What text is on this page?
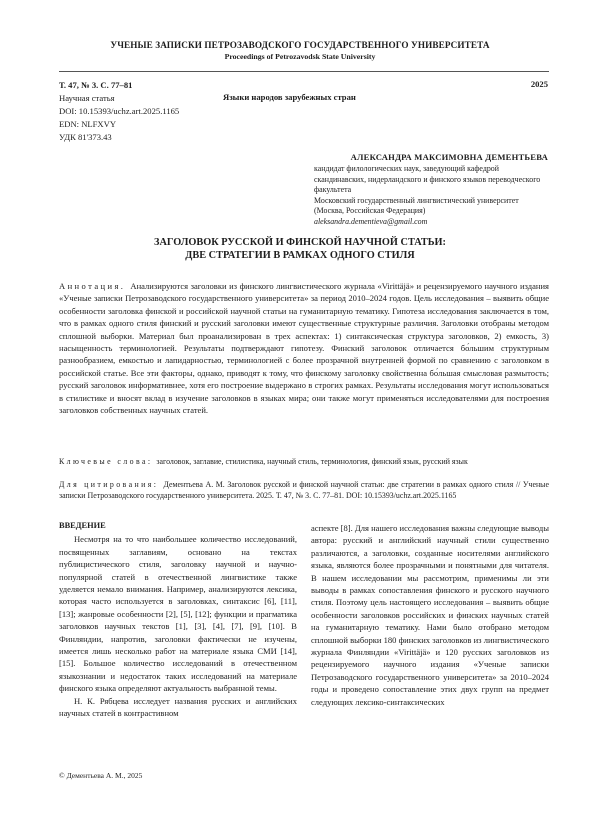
УЧЕНЫЕ ЗАПИСКИ ПЕТРОЗАВОДСКОГО ГОСУДАРСТВЕННОГО УНИВЕРСИТЕТА
Proceedings of Petrozavodsk State University
Т. 47, № 3. С. 77–81
Научная статья
DOI: 10.15393/uchz.art.2025.1165
EDN: NLFXVY
УДК 81'373.43
2025
Языки народов зарубежных стран
АЛЕКСАНДРА МАКСИМОВНА ДЕМЕНТЬЕВА
кандидат филологических наук, заведующий кафедрой скандинавских, нидерландского и финского языков переводческого факультета
Московский государственный лингвистический университет
(Москва, Российская Федерация)
aleksandra.dementieva@gmail.com
ЗАГОЛОВОК РУССКОЙ И ФИНСКОЙ НАУЧНОЙ СТАТЬИ:
ДВЕ СТРАТЕГИИ В РАМКАХ ОДНОГО СТИЛЯ
Аннотация. Анализируются заголовки из финского лингвистического журнала «Virittäjä» и рецензируемого научного издания «Ученые записки Петрозаводского государственного университета» за период 2010–2024 годов. Цель исследования – выявить общие особенности заголовка финской и российской научной статьи на гуманитарную тематику. Гипотеза исследования заключается в том, что в рамках одного стиля финский и русский заголовки имеют существенные структурные различия. Заголовки отобраны методом сплошной выборки. Материал был проанализирован в трех аспектах: 1) синтаксическая структура заголовков, 2) емкость, 3) насыщенность терминологией. Результаты подтверждают гипотезу. Финский заголовок отличается бо́льшим структурным разнообразием, емкостью и лапидарностью, терминологией с более прозрачной внутренней формой по сравнению с заголовком в российской статье. Все эти факторы, однако, приводят к тому, что финскому заголовку свойственна бо́льшая смысловая размытость; русский заголовок информативнее, хотя его построение выдержано в строгих рамках. Результаты исследования могут использоваться в стилистике и вносят вклад в изучение заголовков в языках мира; они также могут применяться исследователями для построения заголовков собственных научных статей.
Ключевые слова: заголовок, заглавие, стилистика, научный стиль, терминология, финский язык, русский язык
Для цитирования: Дементьева А. М. Заголовок русской и финской научной статьи: две стратегии в рамках одного стиля // Ученые записки Петрозаводского государственного университета. 2025. Т. 47, № 3. С. 77–81. DOI: 10.15393/uchz.art.2025.1165
ВВЕДЕНИЕ
Несмотря на то что наибольшее количество исследований, посвященных заглавиям, основано на текстах публицистического стиля, заголовку научной и научно-популярной статей в отечественной лингвистике также уделяется немало внимания. Например, анализируются лексика, которая часто используется в заголовках, синтаксис [6], [11], [13]; жанровые особенности [2], [5], [12]; функции и прагматика заголовков научных текстов [1], [3], [4], [7], [9], [10]. В Финляндии, напротив, заголовки фактически не изучены, имеется лишь несколько работ на материале языка СМИ [14], [15]. Большое количество исследований в отечественном языкознании и недостаток таких исследований на материале финского языка определяют актуальность выбранной темы.
Н. К. Рябцева исследует названия русских и английских научных статей в контрастивном
аспекте [8]. Для нашего исследования важны следующие выводы автора: русский и английский научный стили существенно различаются, а заголовки, созданные носителями английского языка, являются более прозрачными и понятными для читателя. В нашем исследовании мы рассмотрим, применимы ли эти выводы в рамках сопоставления финского и русского научного стиля. Поэтому цель настоящего исследования – выявить общие особенности заголовков российских и финских научных статей на гуманитарную тематику. Нами было отобрано методом сплошной выборки 180 финских заголовков из лингвистического журнала Финляндии «Virittäjä» и 120 русских заголовков из рецензируемого научного издания «Ученые записки Петрозаводского государственного университета» за 2010–2024 годы и проведено сопоставление этих двух групп на предмет следующих лексико-синтаксических
© Дементьева А. М., 2025
